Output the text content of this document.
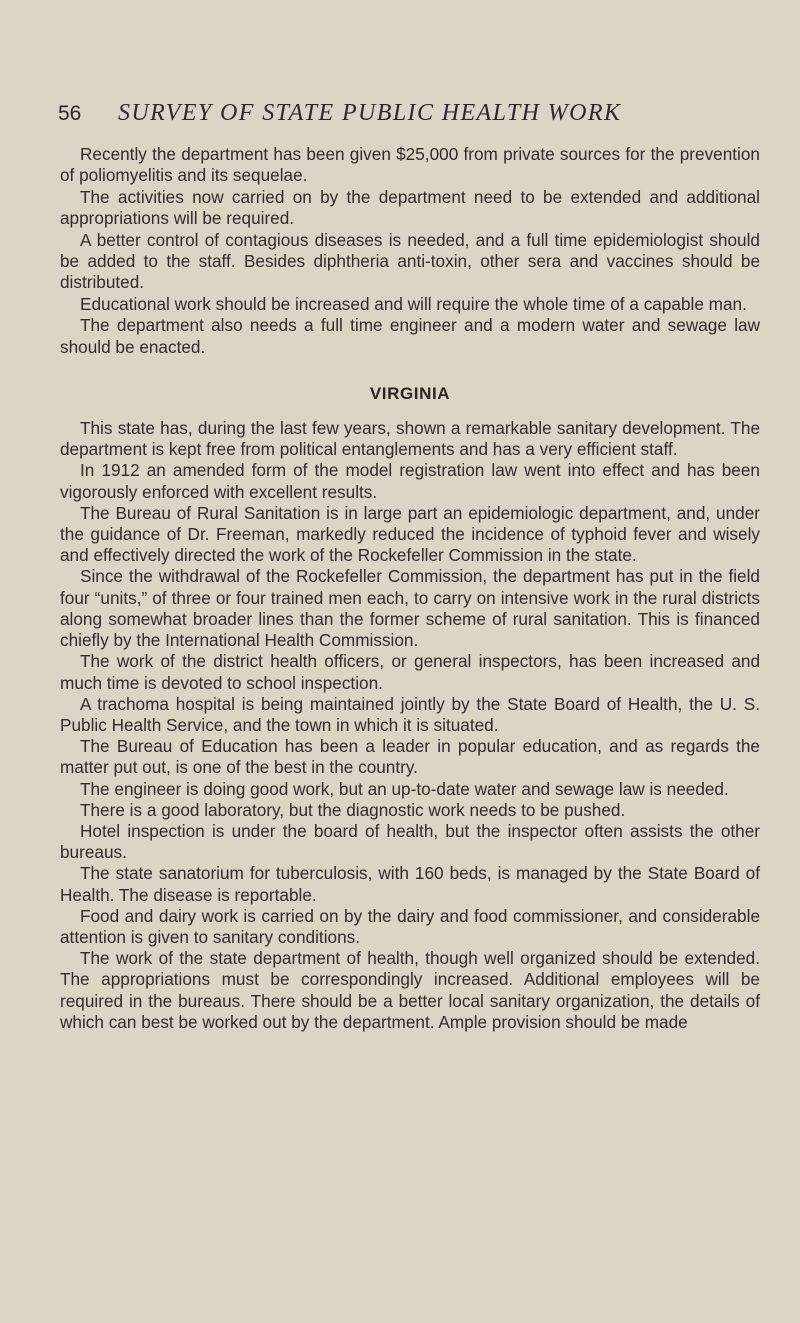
56 SURVEY OF STATE PUBLIC HEALTH WORK

Recently the department has been given $25,000 from private sources for the prevention of poliomyelitis and its sequelae.

The activities now carried on by the department need to be extended and additional appropriations will be required.

A better control of contagious diseases is needed, and a full time epidemiologist should be added to the staff. Besides diphtheria anti-toxin, other sera and vaccines should be distributed.

Educational work should be increased and will require the whole time of a capable man.

The department also needs a full time engineer and a modern water and sewage law should be enacted.

VIRGINIA

This state has, during the last few years, shown a remarkable sanitary development. The department is kept free from political entanglements and has a very efficient staff.

In 1912 an amended form of the model registration law went into effect and has been vigorously enforced with excellent results.

The Bureau of Rural Sanitation is in large part an epidemiologic department, and, under the guidance of Dr. Freeman, markedly reduced the incidence of typhoid fever and wisely and effectively directed the work of the Rockefeller Commission in the state.

Since the withdrawal of the Rockefeller Commission, the department has put in the field four “units,” of three or four trained men each, to carry on intensive work in the rural districts along somewhat broader lines than the former scheme of rural sanitation. This is financed chiefly by the International Health Commission.

The work of the district health officers, or general inspectors, has been increased and much time is devoted to school inspection.

A trachoma hospital is being maintained jointly by the State Board of Health, the U. S. Public Health Service, and the town in which it is situated.

The Bureau of Education has been a leader in popular education, and as regards the matter put out, is one of the best in the country.

The engineer is doing good work, but an up-to-date water and sewage law is needed.

There is a good laboratory, but the diagnostic work needs to be pushed.

Hotel inspection is under the board of health, but the inspector often assists the other bureaus.

The state sanatorium for tuberculosis, with 160 beds, is managed by the State Board of Health. The disease is reportable.

Food and dairy work is carried on by the dairy and food commissioner, and considerable attention is given to sanitary conditions.

The work of the state department of health, though well organized should be extended. The appropriations must be correspondingly increased. Additional employees will be required in the bureaus. There should be a better local sanitary organization, the details of which can best be worked out by the department. Ample provision should be made
